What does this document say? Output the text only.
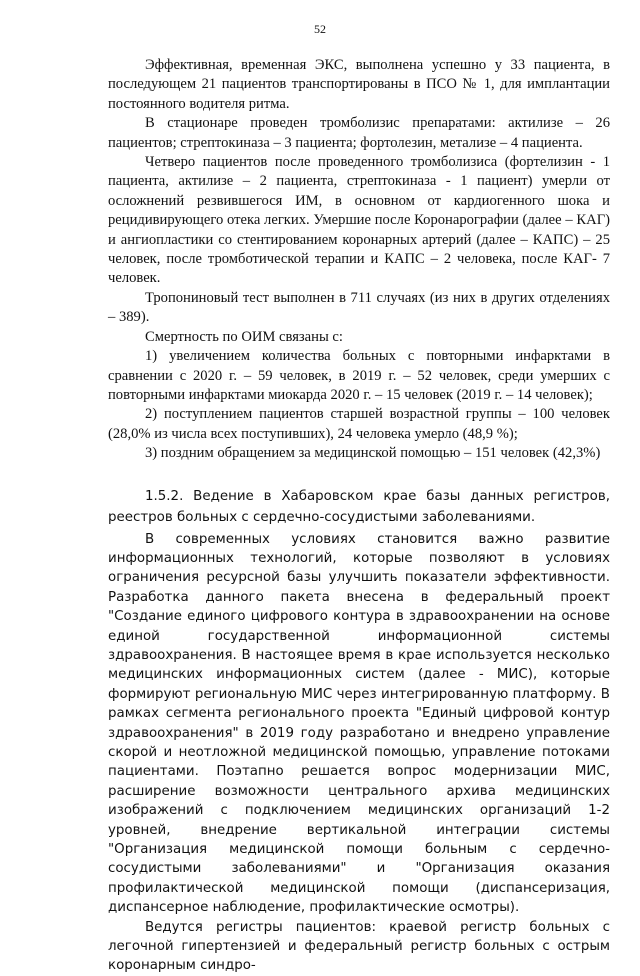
52

Эффективная, временная ЭКС, выполнена успешно у 33 пациента, в последующем 21 пациентов транспортированы в ПСО № 1, для имплантации постоянного водителя ритма.

В стационаре проведен тромболизис препаратами: актилизе – 26 пациентов; стрептокиназа – 3 пациента; фортолезин, метализе – 4 пациента.

Четверо пациентов после проведенного тромболизиса (фортелизин - 1 пациента, актилизе – 2 пациента, стрептокиназа - 1 пациент) умерли от осложнений резвившегося ИМ, в основном от кардиогенного шока и рецидивирующего отека легких. Умершие после Коронарографии (далее – КАГ) и ангиопластики со стентированием коронарных артерий (далее – КАПС) – 25 человек, после тромботической терапии и КАПС – 2 человека, после КАГ- 7 человек.

Тропониновый тест выполнен в 711 случаях (из них в других отделениях – 389).

Смертность по ОИМ связаны с:

1) увеличением количества больных с повторными инфарктами в сравнении с 2020 г. – 59 человек, в 2019 г. – 52 человек, среди умерших с повторными инфарктами миокарда 2020 г. – 15 человек (2019 г. – 14 человек);

2) поступлением пациентов старшей возрастной группы – 100 человек (28,0% из числа всех поступивших), 24 человека умерло (48,9 %);

3) поздним обращением за медицинской помощью – 151 человек (42,3%)

1.5.2. Ведение в Хабаровском крае базы данных регистров, реестров больных с сердечно-сосудистыми заболеваниями.

В современных условиях становится важно развитие информационных технологий, которые позволяют в условиях ограничения ресурсной базы улучшить показатели эффективности. Разработка данного пакета внесена в федеральный проект "Создание единого цифрового контура в здравоохранении на основе единой государственной информационной системы здравоохранения. В настоящее время в крае используется несколько медицинских информационных систем (далее - МИС), которые формируют региональную МИС через интегрированную платформу. В рамках сегмента регионального проекта "Единый цифровой контур здравоохранения" в 2019 году разработано и внедрено управление скорой и неотложной медицинской помощью, управление потоками пациентами. Поэтапно решается вопрос модернизации МИС, расширение возможности центрального архива медицинских изображений с подключением медицинских организаций 1-2 уровней, внедрение вертикальной интеграции системы "Организация медицинской помощи больным с сердечно-сосудистыми заболеваниями" и "Организация оказания профилактической медицинской помощи (диспансеризация, диспансерное наблюдение, профилактические осмотры).

Ведутся регистры пациентов: краевой регистр больных с легочной гипертензией и федеральный регистр больных с острым коронарным синдро-
